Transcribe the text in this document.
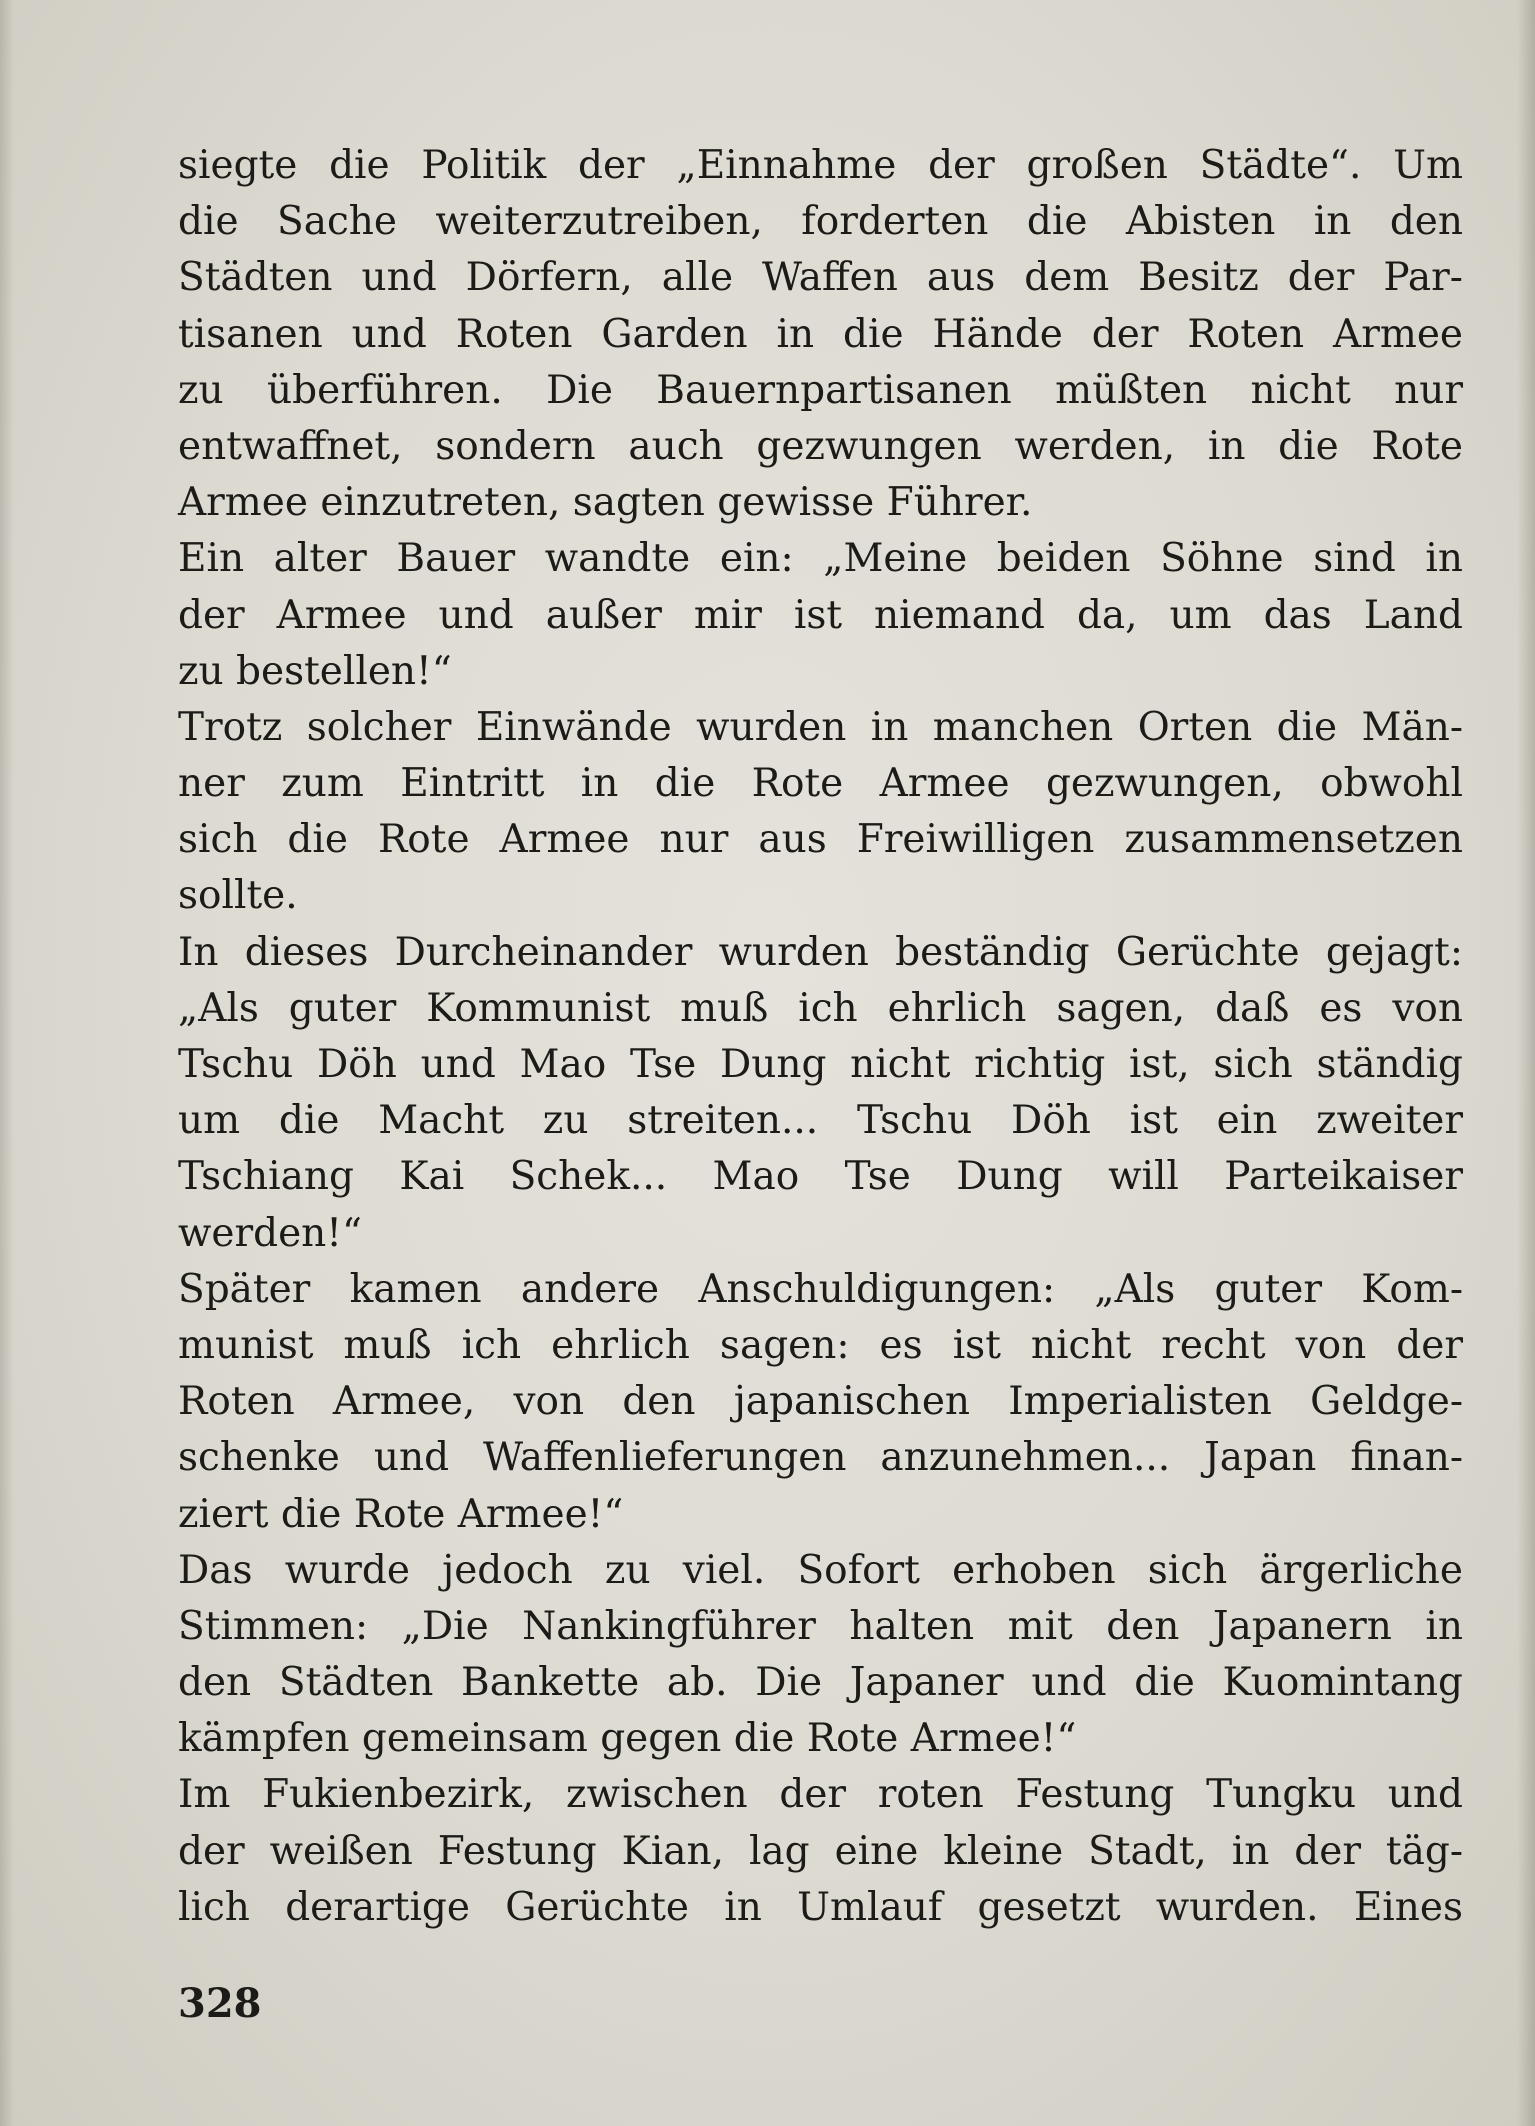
siegte die Politik der „Einnahme der großen Städte“. Um
die Sache weiterzutreiben, forderten die Abisten in den
Städten und Dörfern, alle Waffen aus dem Besitz der Par-
tisanen und Roten Garden in die Hände der Roten Armee
zu überführen. Die Bauernpartisanen müßten nicht nur
entwaffnet, sondern auch gezwungen werden, in die Rote
Armee einzutreten, sagten gewisse Führer.
Ein alter Bauer wandte ein: „Meine beiden Söhne sind in
der Armee und außer mir ist niemand da, um das Land
zu bestellen!“
Trotz solcher Einwände wurden in manchen Orten die Män-
ner zum Eintritt in die Rote Armee gezwungen, obwohl
sich die Rote Armee nur aus Freiwilligen zusammensetzen
sollte.
In dieses Durcheinander wurden beständig Gerüchte gejagt:
„Als guter Kommunist muß ich ehrlich sagen, daß es von
Tschu Döh und Mao Tse Dung nicht richtig ist, sich ständig
um die Macht zu streiten... Tschu Döh ist ein zweiter
Tschiang Kai Schek... Mao Tse Dung will Parteikaiser
werden!“
Später kamen andere Anschuldigungen: „Als guter Kom-
munist muß ich ehrlich sagen: es ist nicht recht von der
Roten Armee, von den japanischen Imperialisten Geldge-
schenke und Waffenlieferungen anzunehmen... Japan finan-
ziert die Rote Armee!“
Das wurde jedoch zu viel. Sofort erhoben sich ärgerliche
Stimmen: „Die Nankingführer halten mit den Japanern in
den Städten Bankette ab. Die Japaner und die Kuomintang
kämpfen gemeinsam gegen die Rote Armee!“
Im Fukienbezirk, zwischen der roten Festung Tungku und
der weißen Festung Kian, lag eine kleine Stadt, in der täg-
lich derartige Gerüchte in Umlauf gesetzt wurden. Eines
328
